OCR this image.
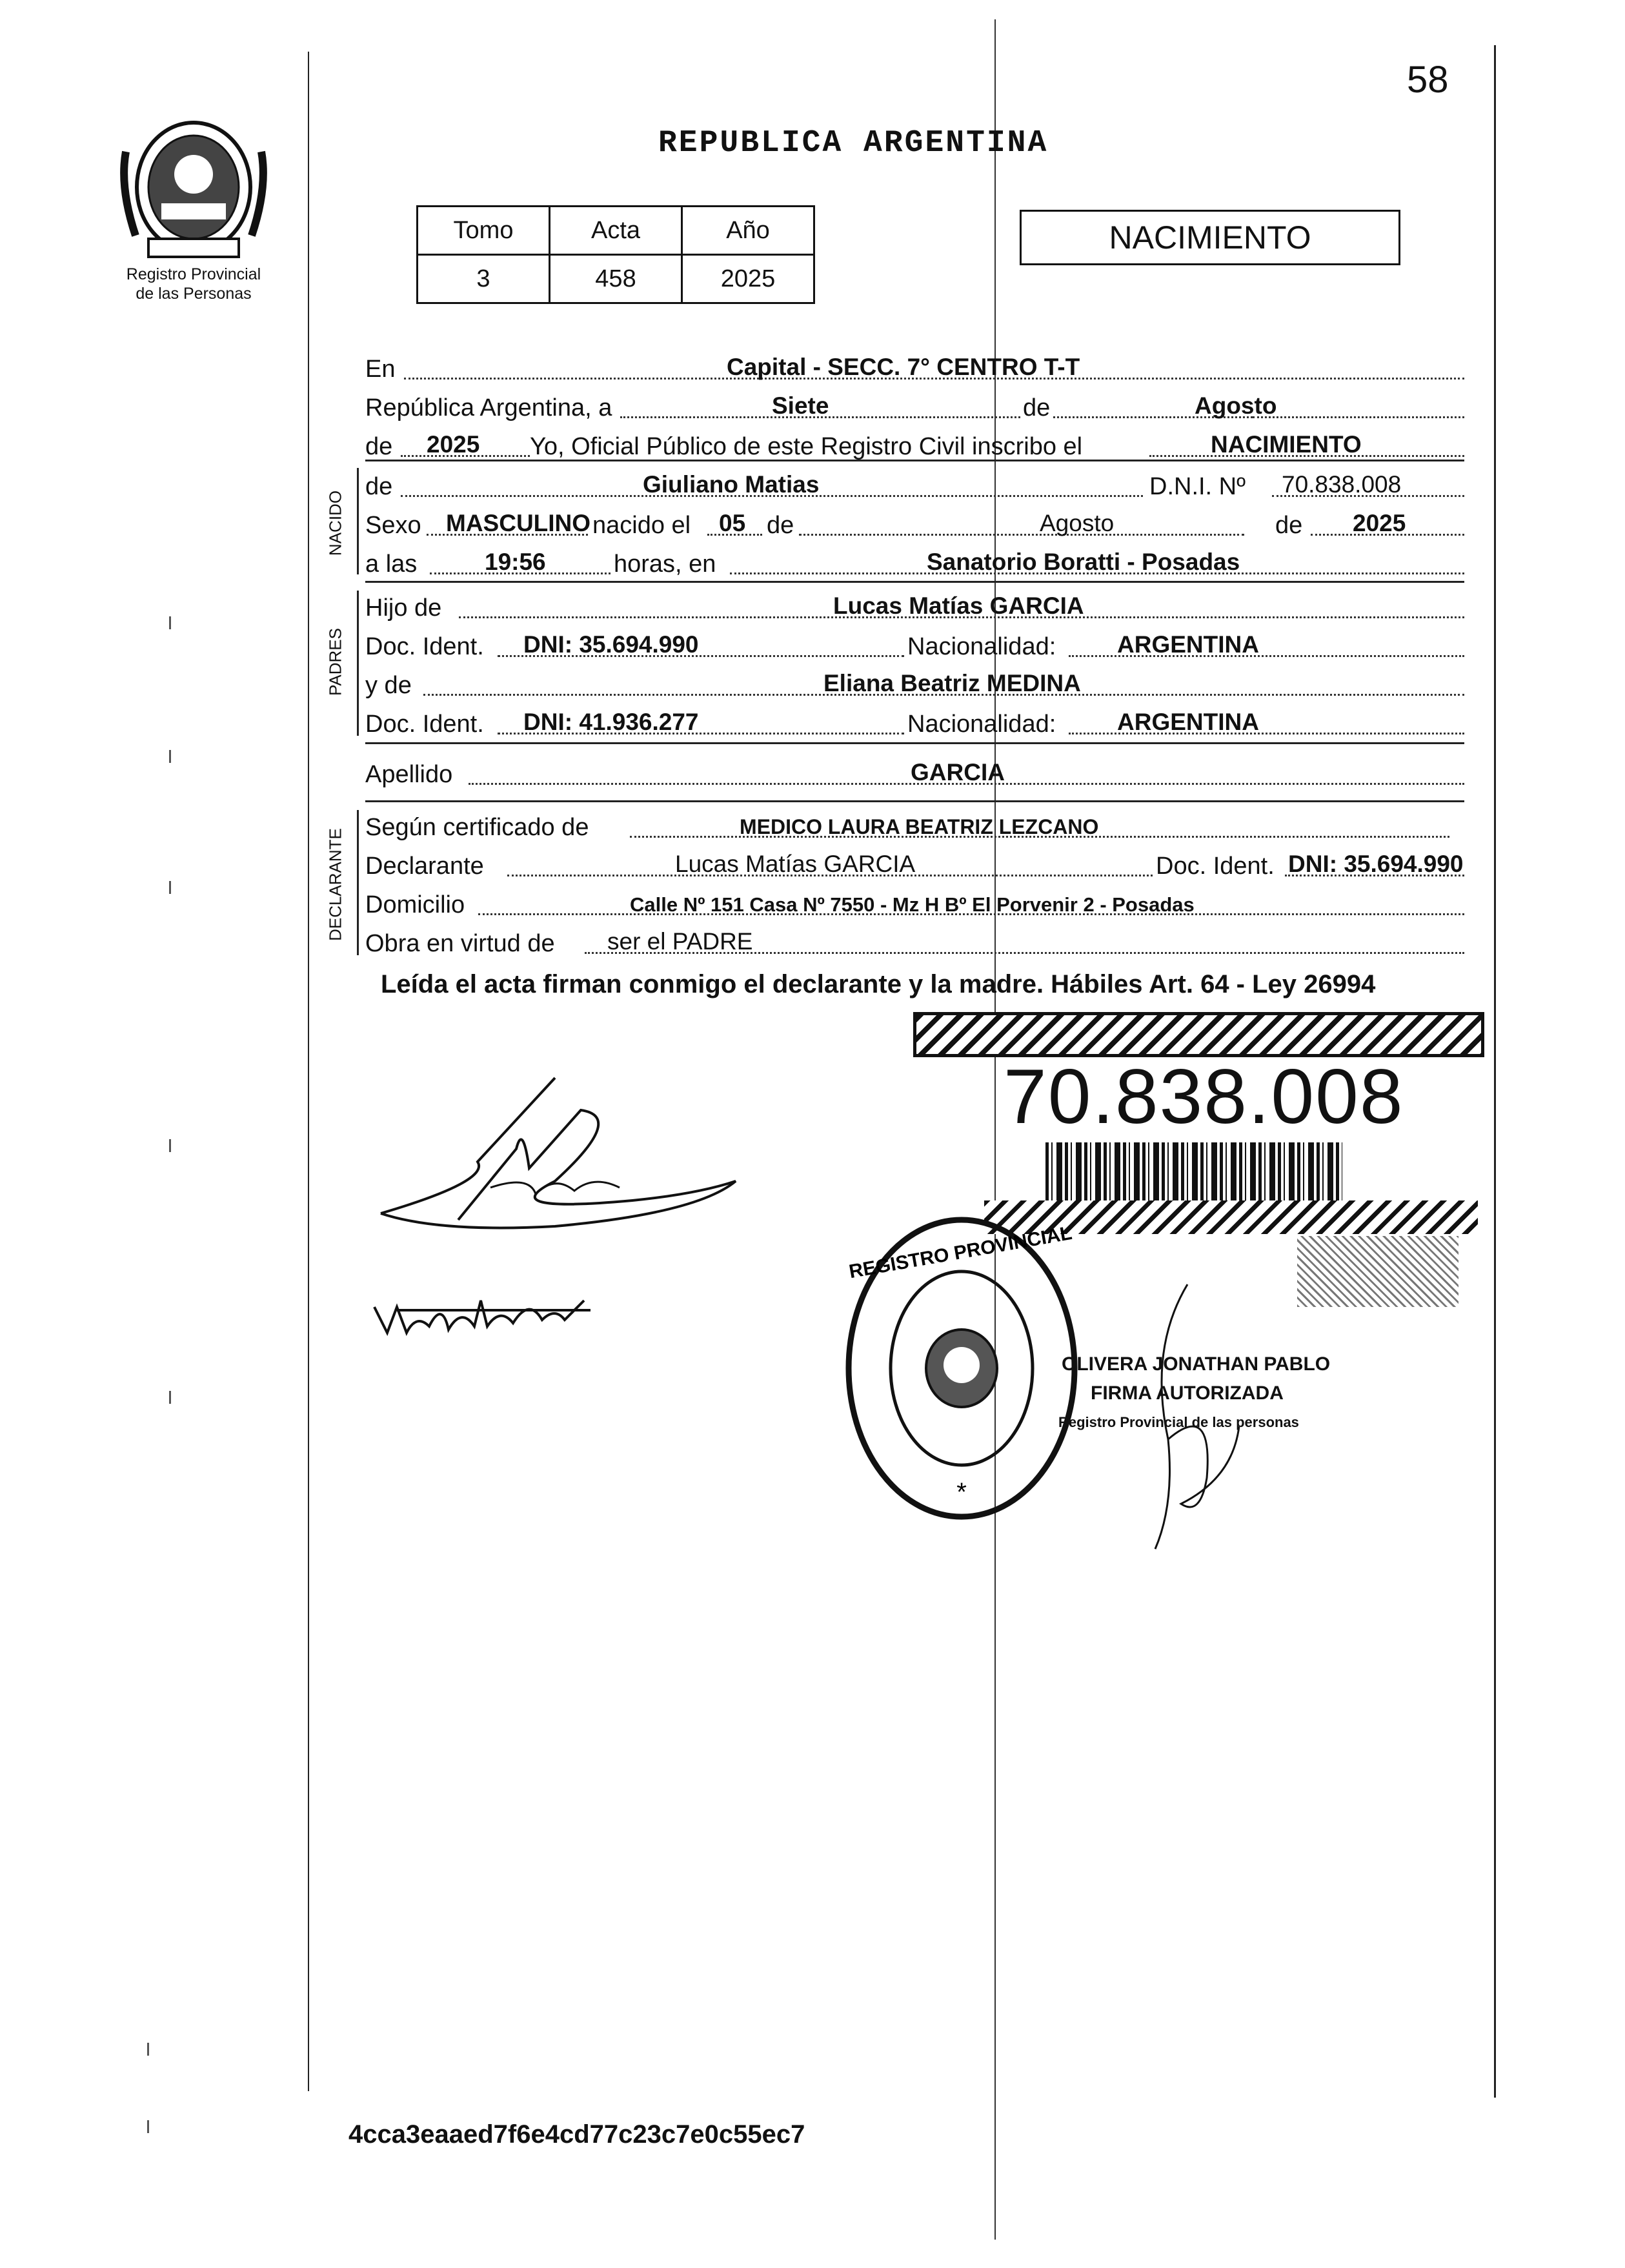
58
Registro Provincial
de las Personas
REPUBLICA ARGENTINA
Tomo	Acta	Año
3	458	2025
NACIMIENTO
En	Capital - SECC. 7° CENTRO T-T
República Argentina, a	Siete	de	Agosto
de 2025 Yo, Oficial Público de este Registro Civil inscribo el	NACIMIENTO
NACIDO
de	Giuliano Matias	D.N.I. Nº 70.838.008
Sexo MASCULINO nacido el 05 de	Agosto	de 2025
a las	19:56	horas, en	Sanatorio Boratti - Posadas
PADRES
Hijo de	Lucas Matías GARCIA
Doc. Ident. DNI: 35.694.990	Nacionalidad:	ARGENTINA
y de	Eliana Beatriz MEDINA
Doc. Ident. DNI: 41.936.277	Nacionalidad:	ARGENTINA
Apellido	GARCIA
DECLARANTE
Según certificado de	MEDICO LAURA BEATRIZ LEZCANO
Declarante	Lucas Matías GARCIA	Doc. Ident. DNI: 35.694.990
Domicilio	Calle Nº 151 Casa Nº 7550 - Mz H Bº El Porvenir 2 - Posadas
Obra en virtud de ser el PADRE
Leída el acta firman conmigo el declarante y la madre. Hábiles Art. 64 - Ley 26994
70.838.008
REGISTRO PROVINCIAL
*
OLIVERA JONATHAN PABLO
FIRMA AUTORIZADA
Registro Provincial de las personas
4cca3eaaed7f6e4cd77c23c7e0c55ec7
